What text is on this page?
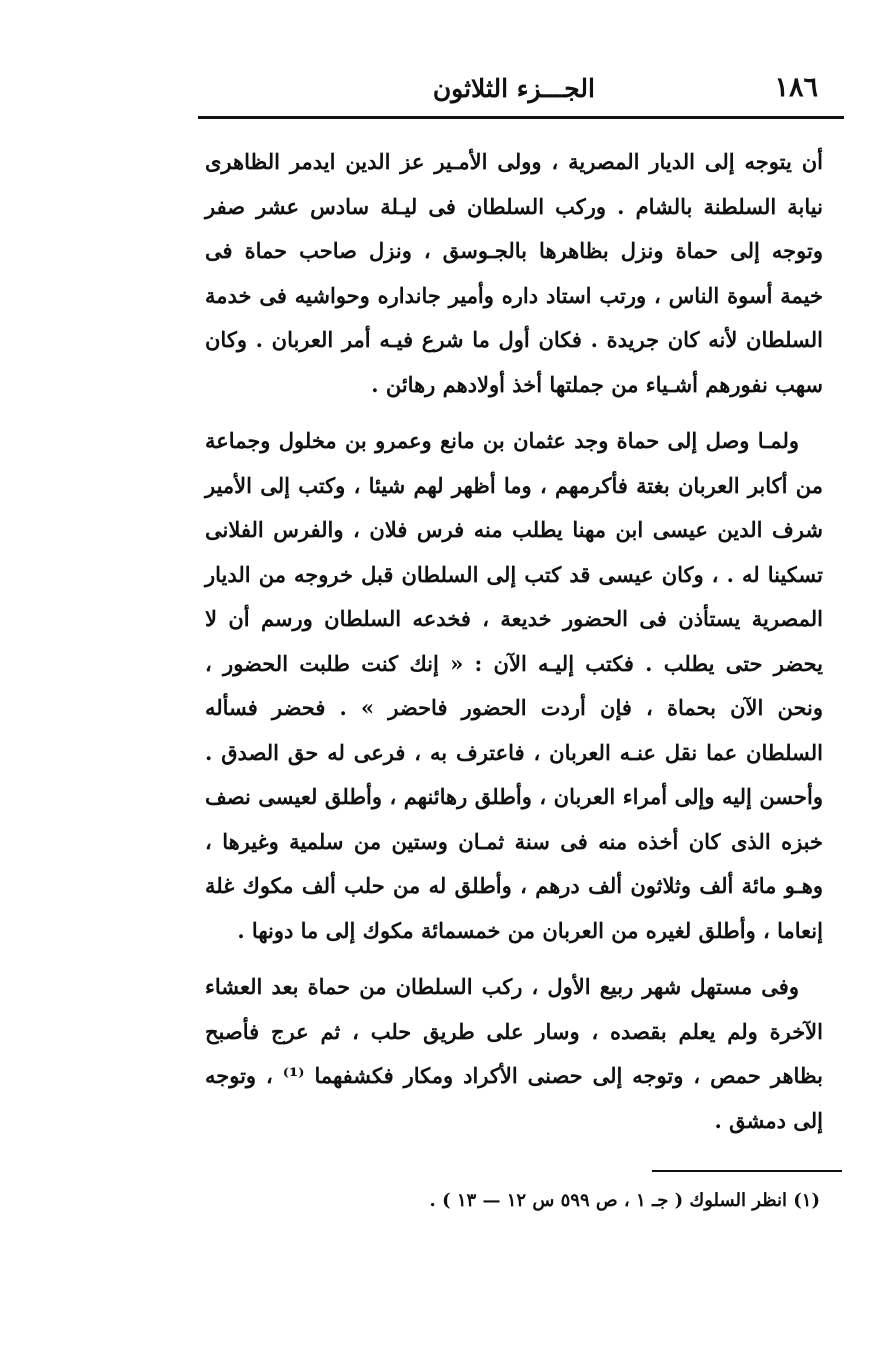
١٨٦
الجـــزء الثلاثون

أن يتوجه إلى الديار المصرية ، وولى الأمـير عز الدين ايدمر الظاهرى نيابة السلطنة بالشام . وركب السلطان فى ليـلة سادس عشر صفر وتوجه إلى حماة ونزل بظاهرها بالجـوسق ، ونزل صاحب حماة فى خيمة أسوة الناس ، ورتب استاد داره وأمير جانداره وحواشيه فى خدمة السلطان لأنه كان جريدة . فكان أول ما شرع فيـه أمر العربان . وكان سهب نفورهم أشـياء من جملتها أخذ أولادهم رهائن .

ولمـا وصل إلى حماة وجد عثمان بن مانع وعمرو بن مخلول وجماعة من أكابر العربان بغتة فأكرمهم ، وما أظهر لهم شيئا ، وكتب إلى الأمير شرف الدين عيسى ابن مهنا يطلب منه فرس فلان ، والفرس الفلانى تسكينا له . ، وكان عيسى قد كتب إلى السلطان قبل خروجه من الديار المصرية يستأذن فى الحضور خديعة ، فخدعه السلطان ورسم أن لا يحضر حتى يطلب . فكتب إليـه الآن : « إنك كنت طلبت الحضور ، ونحن الآن بحماة ، فإن أردت الحضور فاحضر » . فحضر فسأله السلطان عما نقل عنـه العربان ، فاعترف به ، فرعى له حق الصدق . وأحسن إليه وإلى أمراء العربان ، وأطلق رهائنهم ، وأطلق لعيسى نصف خبزه الذى كان أخذه منه فى سنة ثمـان وستين من سلمية وغيرها ، وهـو مائة ألف وثلاثون ألف درهم ، وأطلق له من حلب ألف مكوك غلة إنعاما ، وأطلق لغيره من العربان من خمسمائة مكوك إلى ما دونها .

وفى مستهل شهر ربيع الأول ، ركب السلطان من حماة بعد العشاء الآخرة ولم يعلم بقصده ، وسار على طريق حلب ، ثم عرج فأصبح بظاهر حمص ، وتوجه إلى حصنى الأكراد ومكار فكشفهما ⁽¹⁾ ، وتوجه إلى دمشق .

(١) انظر السلوك ( جـ ١ ، ص ٥٩٩ س ١٢ — ١٣ ) .
